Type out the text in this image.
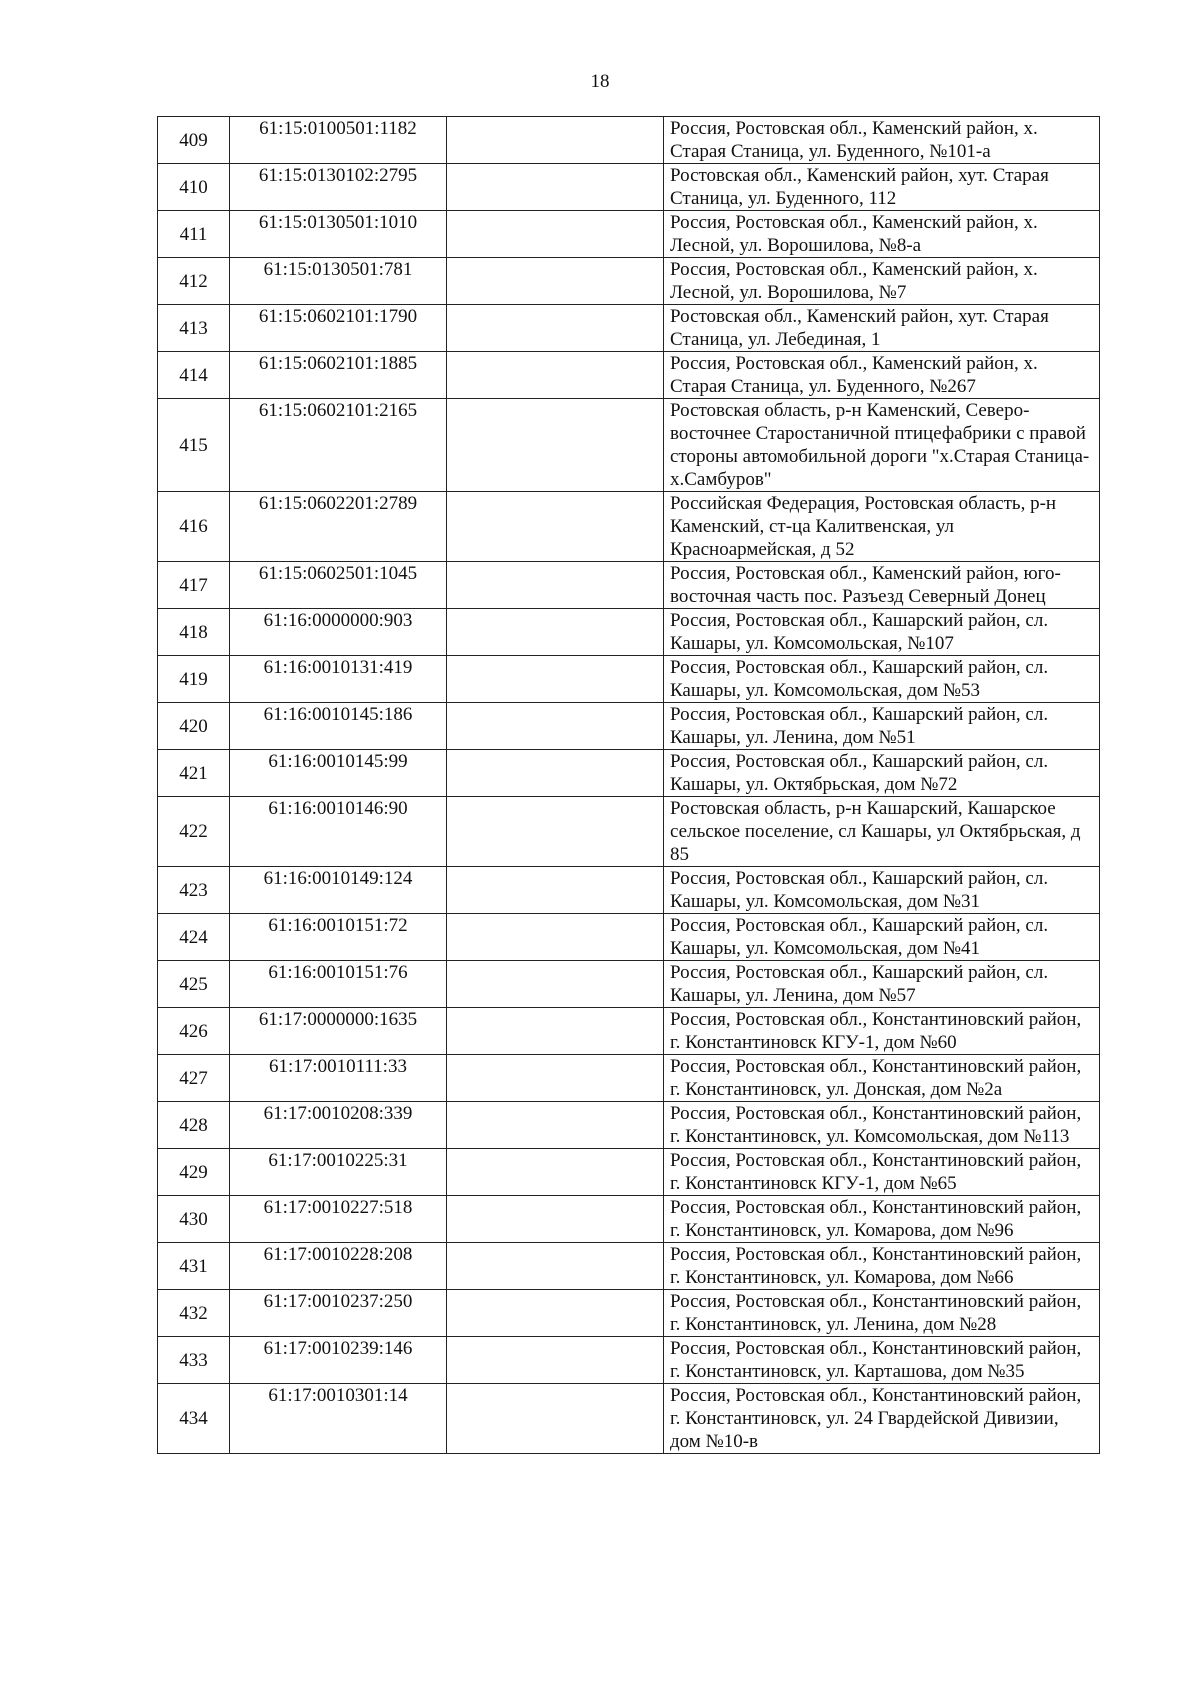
18
409	61:15:0100501:1182		Россия, Ростовская обл., Каменский район, х. Старая Станица, ул. Буденного, №101-а
410	61:15:0130102:2795		Ростовская обл., Каменский район, хут. Старая Станица, ул. Буденного, 112
411	61:15:0130501:1010		Россия, Ростовская обл., Каменский район, х. Лесной, ул. Ворошилова, №8-а
412	61:15:0130501:781		Россия, Ростовская обл., Каменский район, х. Лесной, ул. Ворошилова, №7
413	61:15:0602101:1790		Ростовская обл., Каменский район, хут. Старая Станица, ул. Лебединая, 1
414	61:15:0602101:1885		Россия, Ростовская обл., Каменский район, х. Старая Станица, ул. Буденного, №267
415	61:15:0602101:2165		Ростовская область, р-н Каменский, Северо-восточнее Старостаничной птицефабрики с правой стороны автомобильной дороги "х.Старая Станица-х.Самбуров"
416	61:15:0602201:2789		Российская Федерация, Ростовская область, р-н Каменский, ст-ца Калитвенская, ул Красноармейская, д 52
417	61:15:0602501:1045		Россия, Ростовская обл., Каменский район, юго-восточная часть пос. Разъезд Северный Донец
418	61:16:0000000:903		Россия, Ростовская обл., Кашарский район, сл. Кашары, ул. Комсомольская, №107
419	61:16:0010131:419		Россия, Ростовская обл., Кашарский район, сл. Кашары, ул. Комсомольская, дом №53
420	61:16:0010145:186		Россия, Ростовская обл., Кашарский район, сл. Кашары, ул. Ленина, дом №51
421	61:16:0010145:99		Россия, Ростовская обл., Кашарский район, сл. Кашары, ул. Октябрьская, дом №72
422	61:16:0010146:90		Ростовская область, р-н Кашарский, Кашарское сельское поселение, сл Кашары, ул Октябрьская, д 85
423	61:16:0010149:124		Россия, Ростовская обл., Кашарский район, сл. Кашары, ул. Комсомольская, дом №31
424	61:16:0010151:72		Россия, Ростовская обл., Кашарский район, сл. Кашары, ул. Комсомольская, дом №41
425	61:16:0010151:76		Россия, Ростовская обл., Кашарский район, сл. Кашары, ул. Ленина, дом №57
426	61:17:0000000:1635		Россия, Ростовская обл., Константиновский район, г. Константиновск КГУ-1, дом №60
427	61:17:0010111:33		Россия, Ростовская обл., Константиновский район, г. Константиновск, ул. Донская, дом №2а
428	61:17:0010208:339		Россия, Ростовская обл., Константиновский район, г. Константиновск, ул. Комсомольская, дом №113
429	61:17:0010225:31		Россия, Ростовская обл., Константиновский район, г. Константиновск КГУ-1, дом №65
430	61:17:0010227:518		Россия, Ростовская обл., Константиновский район, г. Константиновск, ул. Комарова, дом №96
431	61:17:0010228:208		Россия, Ростовская обл., Константиновский район, г. Константиновск, ул. Комарова, дом №66
432	61:17:0010237:250		Россия, Ростовская обл., Константиновский район, г. Константиновск, ул. Ленина, дом №28
433	61:17:0010239:146		Россия, Ростовская обл., Константиновский район, г. Константиновск, ул. Карташова, дом №35
434	61:17:0010301:14		Россия, Ростовская обл., Константиновский район, г. Константиновск, ул. 24 Гвардейской Дивизии, дом №10-в
